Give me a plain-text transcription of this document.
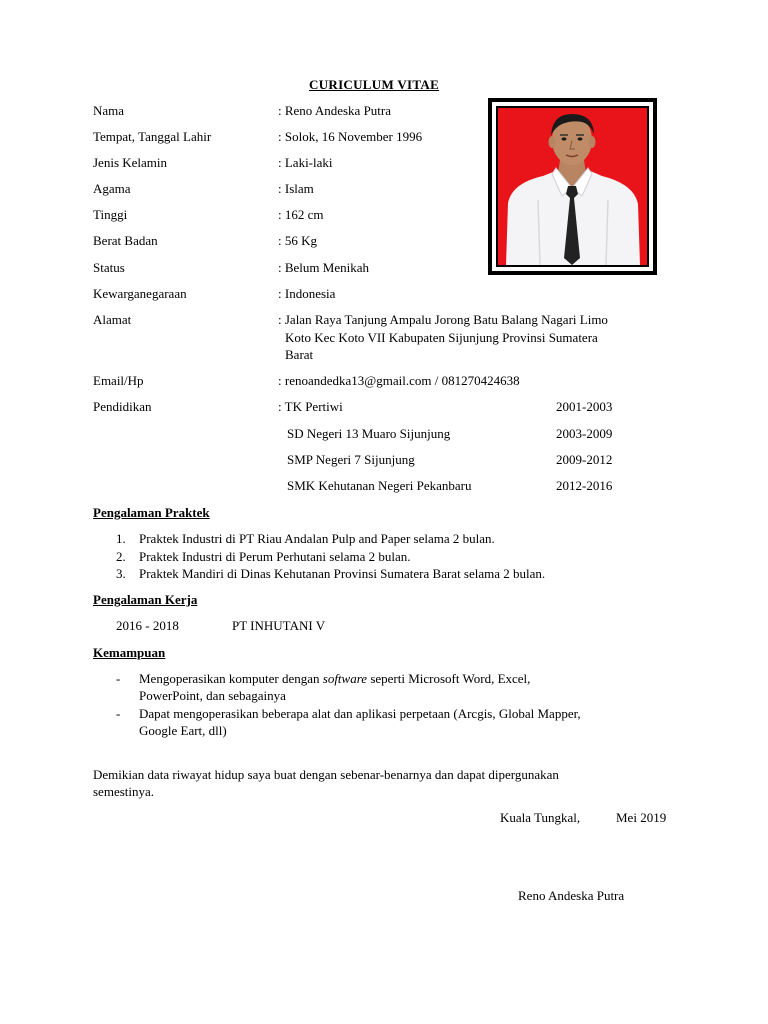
CURICULUM VITAE
Nama	: Reno Andeska Putra
Tempat, Tanggal Lahir	: Solok, 16 November 1996
Jenis Kelamin	: Laki-laki
Agama	: Islam
Tinggi	: 162 cm
Berat Badan	: 56 Kg
Status	: Belum Menikah
Kewarganegaraan	: Indonesia
Alamat	: Jalan Raya Tanjung Ampalu Jorong Batu Balang Nagari Limo
Koto Kec Koto VII Kabupaten Sijunjung Provinsi Sumatera
Barat
Email/Hp	: renoandedka13@gmail.com / 081270424638
Pendidikan	: TK Pertiwi	2001-2003
SD Negeri 13 Muaro Sijunjung	2003-2009
SMP Negeri 7 Sijunjung	2009-2012
SMK Kehutanan Negeri Pekanbaru	2012-2016
Pengalaman Praktek
1. Praktek Industri di PT Riau Andalan Pulp and Paper selama 2 bulan.
2. Praktek Industri di Perum Perhutani selama 2 bulan.
3. Praktek Mandiri di Dinas Kehutanan Provinsi Sumatera Barat selama 2 bulan.
Pengalaman Kerja
2016 - 2018	PT INHUTANI V
Kemampuan
- Mengoperasikan komputer dengan software seperti Microsoft Word, Excel,
PowerPoint, dan sebagainya
- Dapat mengoperasikan beberapa alat dan aplikasi perpetaan (Arcgis, Global Mapper,
Google Eart, dll)
Demikian data riwayat hidup saya buat dengan sebenar-benarnya dan dapat dipergunakan
semestinya.
Kuala Tungkal,	Mei 2019
Reno Andeska Putra
